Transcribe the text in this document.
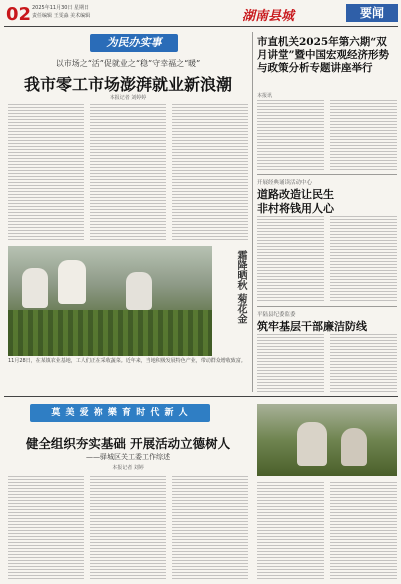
02 2025年11月30日 星期日
责任编辑 王雯淼 美术编辑	湖南县城	要闻
为民办实事
以市场之“活”促就业之“稳”守幸福之“暖”
我市零工市场澎湃就业新浪潮
本报记者 刘婷婷
霜降晒秋 菊花金
11月28日，在某镇农业基地，工人们正在采收蔬菜。近年来，当地积极发展特色产业，带动群众增收致富。
市直机关2025年第六期“双月讲堂”暨中国宏观经济形势与政策分析专题讲座举行
本报讯
开展经典诵读活动中心
道路改造让民生
非村将钱用人心
平陆县纪委监委
筑牢基层干部廉洁防线
莫 美 爱 祢 樂 育 时 代 新 人
健全组织夯实基础 开展活动立德树人
——驿城区关工委工作综述
本报记者 刘婷
